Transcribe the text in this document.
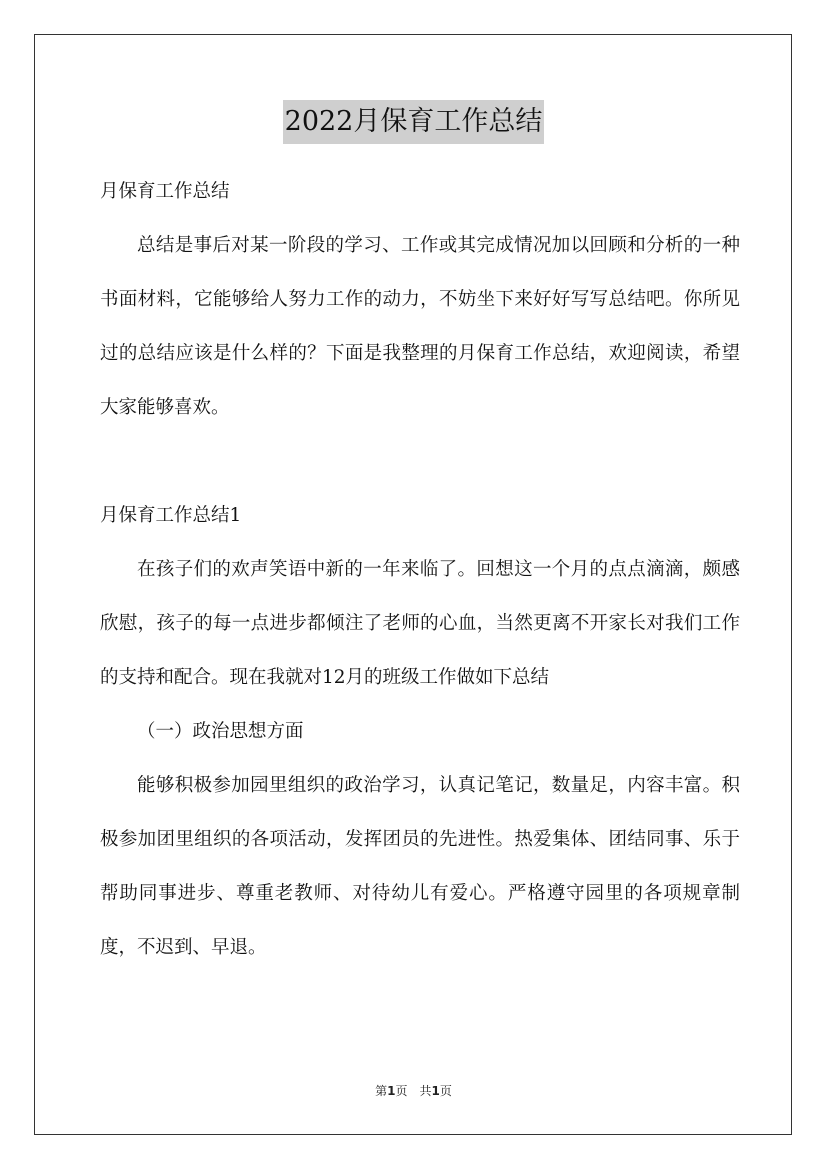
2022月保育工作总结

月保育工作总结

总结是事后对某一阶段的学习、工作或其完成情况加以回顾和分析的一种书面材料，它能够给人努力工作的动力，不妨坐下来好好写写总结吧。你所见过的总结应该是什么样的？下面是我整理的月保育工作总结，欢迎阅读，希望大家能够喜欢。

月保育工作总结1

在孩子们的欢声笑语中新的一年来临了。回想这一个月的点点滴滴，颇感欣慰，孩子的每一点进步都倾注了老师的心血，当然更离不开家长对我们工作的支持和配合。现在我就对12月的班级工作做如下总结

（一）政治思想方面

能够积极参加园里组织的政治学习，认真记笔记，数量足，内容丰富。积极参加团里组织的各项活动，发挥团员的先进性。热爱集体、团结同事、乐于帮助同事进步、尊重老教师、对待幼儿有爱心。严格遵守园里的各项规章制度，不迟到、早退。

第1页 共1页
